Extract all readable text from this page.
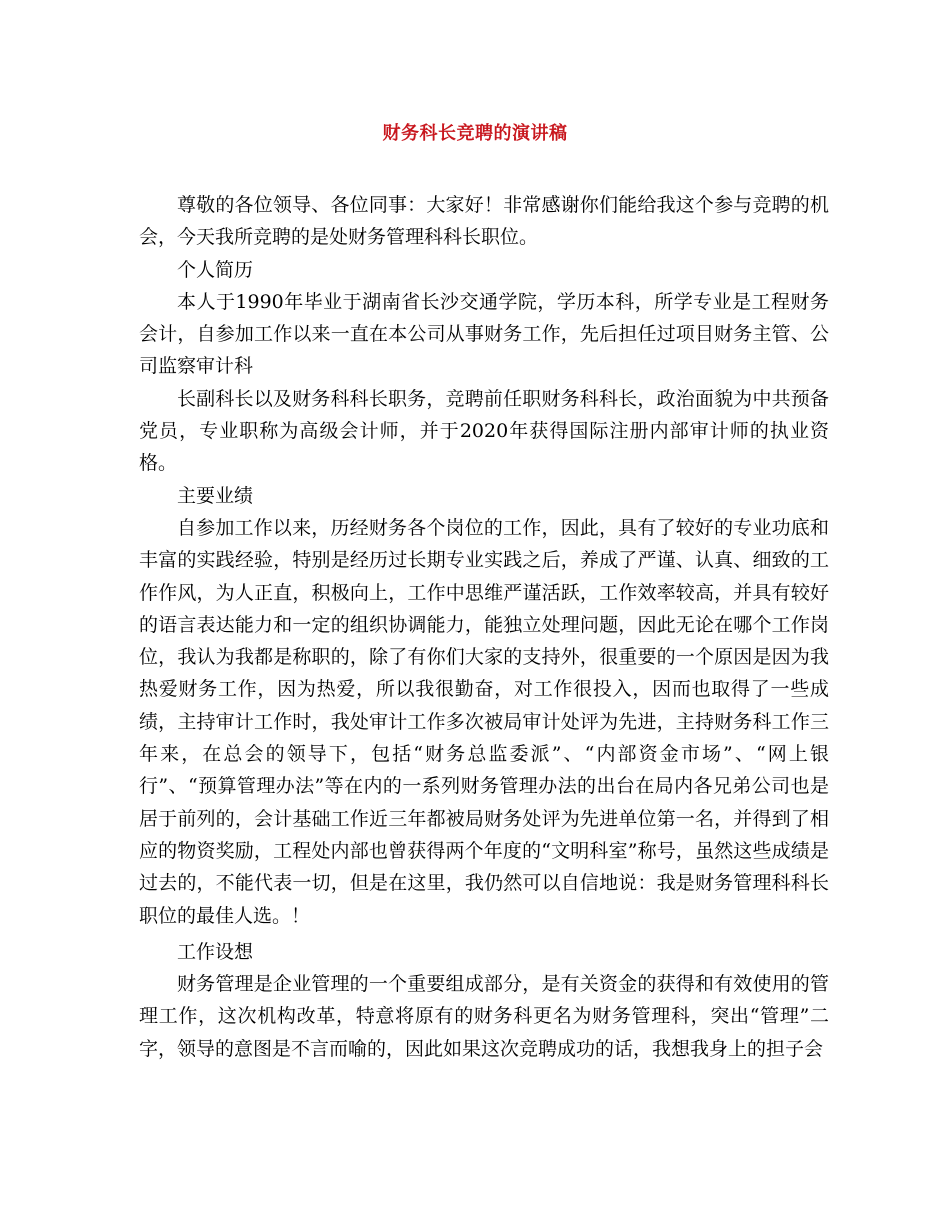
财务科长竞聘的演讲稿

尊敬的各位领导、各位同事：大家好！非常感谢你们能给我这个参与竞聘的机会，今天我所竞聘的是处财务管理科科长职位。

个人简历

本人于1990年毕业于湖南省长沙交通学院，学历本科，所学专业是工程财务会计，自参加工作以来一直在本公司从事财务工作，先后担任过项目财务主管、公司监察审计科

长副科长以及财务科科长职务，竞聘前任职财务科科长，政治面貌为中共预备党员，专业职称为高级会计师，并于2020年获得国际注册内部审计师的执业资格。

主要业绩

自参加工作以来，历经财务各个岗位的工作，因此，具有了较好的专业功底和丰富的实践经验，特别是经历过长期专业实践之后，养成了严谨、认真、细致的工作作风，为人正直，积极向上，工作中思维严谨活跃，工作效率较高，并具有较好的语言表达能力和一定的组织协调能力，能独立处理问题，因此无论在哪个工作岗位，我认为我都是称职的，除了有你们大家的支持外，很重要的一个原因是因为我热爱财务工作，因为热爱，所以我很勤奋，对工作很投入，因而也取得了一些成绩，主持审计工作时，我处审计工作多次被局审计处评为先进，主持财务科工作三年来，在总会的领导下，包括“财务总监委派”、“内部资金市场”、“网上银行”、“预算管理办法”等在内的一系列财务管理办法的出台在局内各兄弟公司也是居于前列的，会计基础工作近三年都被局财务处评为先进单位第一名，并得到了相应的物资奖励，工程处内部也曾获得两个年度的“文明科室”称号，虽然这些成绩是过去的，不能代表一切，但是在这里，我仍然可以自信地说：我是财务管理科科长职位的最佳人选。！

工作设想

财务管理是企业管理的一个重要组成部分，是有关资金的获得和有效使用的管理工作，这次机构改革，特意将原有的财务科更名为财务管理科，突出“管理”二字，领导的意图是不言而喻的，因此如果这次竞聘成功的话，我想我身上的担子会
